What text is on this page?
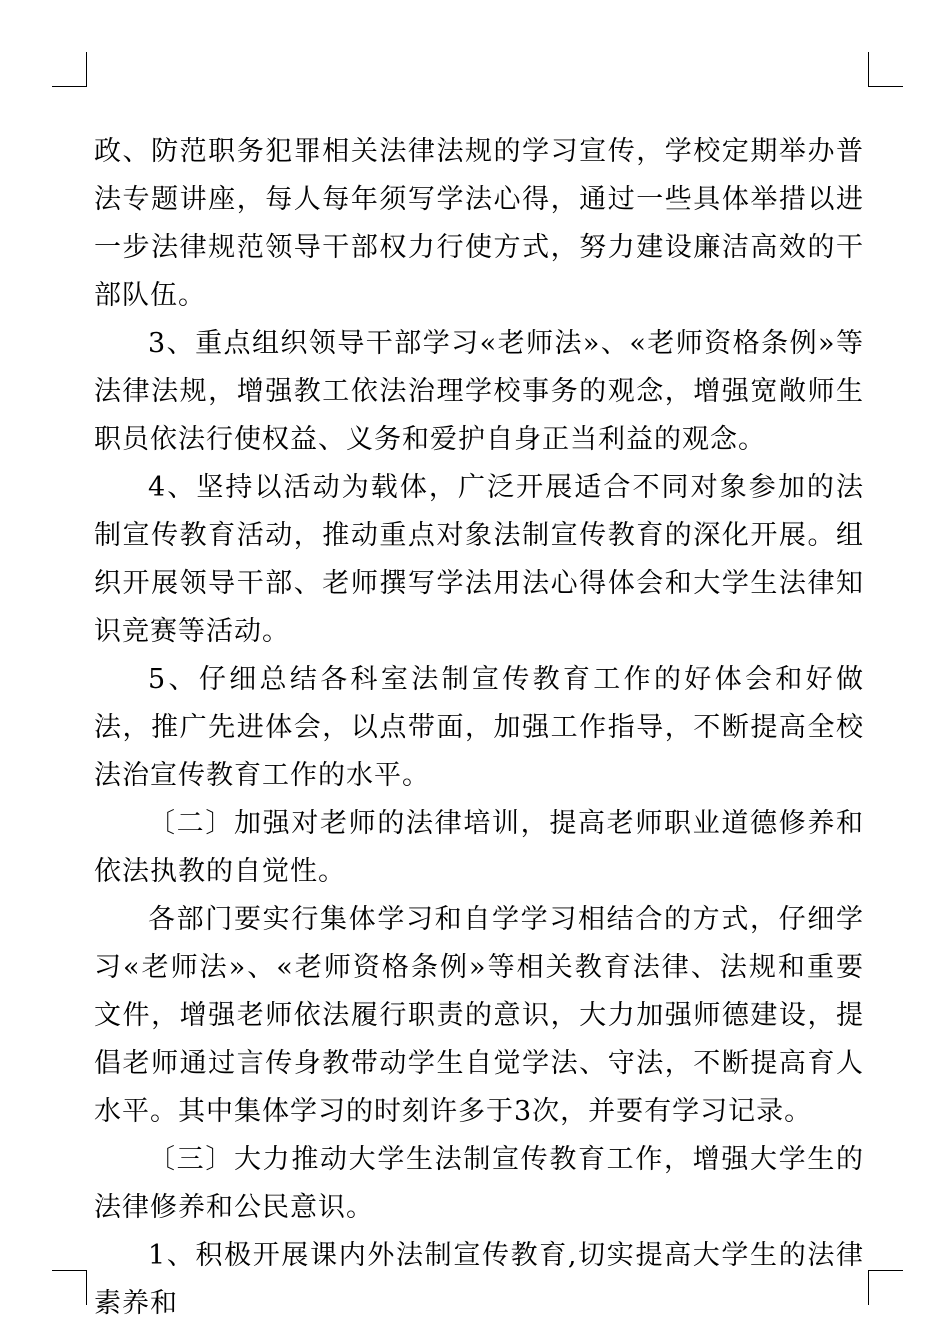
政、防范职务犯罪相关法律法规的学习宣传，学校定期举办普法专题讲座，每人每年须写学法心得，通过一些具体举措以进一步法律规范领导干部权力行使方式，努力建设廉洁高效的干部队伍。

3、重点组织领导干部学习«老师法»、«老师资格条例»等法律法规，增强教工依法治理学校事务的观念，增强宽敞师生职员依法行使权益、义务和爱护自身正当利益的观念。

4、坚持以活动为载体，广泛开展适合不同对象参加的法制宣传教育活动，推动重点对象法制宣传教育的深化开展。组织开展领导干部、老师撰写学法用法心得体会和大学生法律知识竞赛等活动。

5、仔细总结各科室法制宣传教育工作的好体会和好做法，推广先进体会，以点带面，加强工作指导，不断提高全校法治宣传教育工作的水平。

〔二〕加强对老师的法律培训，提高老师职业道德修养和依法执教的自觉性。

各部门要实行集体学习和自学学习相结合的方式，仔细学习«老师法»、«老师资格条例»等相关教育法律、法规和重要文件，增强老师依法履行职责的意识，大力加强师德建设，提倡老师通过言传身教带动学生自觉学法、守法，不断提高育人水平。其中集体学习的时刻许多于3次，并要有学习记录。

〔三〕大力推动大学生法制宣传教育工作，增强大学生的法律修养和公民意识。

1、积极开展课内外法制宣传教育,切实提高大学生的法律素养和
